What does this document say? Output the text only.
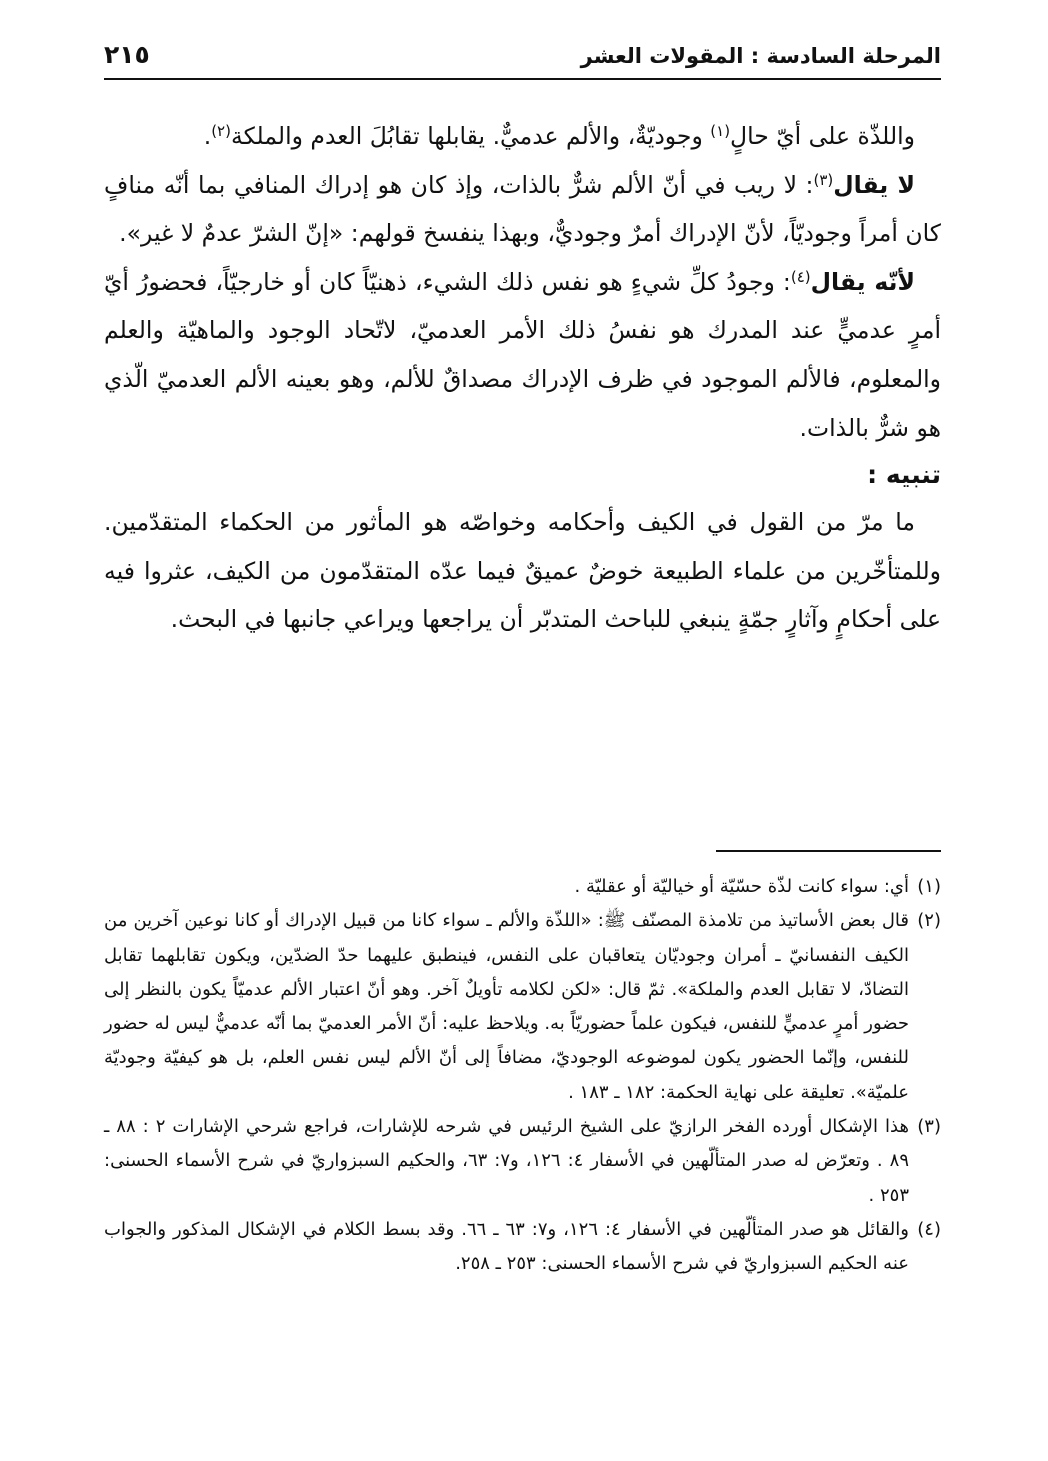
المرحلة السادسة : المقولات العشر
٢١٥

واللذّة على أيّ حالٍ$^{(١)}$ وجوديّةٌ، والألم عدميٌّ. يقابلها تقابُلَ العدم والملكة$^{(٢)}$.

لا يقال$^{(٣)}$: لا ريب في أنّ الألم شرٌّ بالذات، وإذ كان هو إدراك المنافي بما أنّه منافٍ كان أمراً وجوديّاً، لأنّ الإدراك أمرٌ وجوديٌّ، وبهذا ينفسخ قولهم: «إنّ الشرّ عدمٌ لا غير».

لأنّه يقال$^{(٤)}$: وجودُ كلِّ شيءٍ هو نفس ذلك الشيء، ذهنيّاً كان أو خارجيّاً، فحضورُ أيّ أمرٍ عدميٍّ عند المدرك هو نفسُ ذلك الأمر العدميّ، لاتّحاد الوجود والماهيّة والعلم والمعلوم، فالألم الموجود في ظرف الإدراك مصداقٌ للألم، وهو بعينه الألم العدميّ الّذي هو شرٌّ بالذات.

تنبيه :

ما مرّ من القول في الكيف وأحكامه وخواصّه هو المأثور من الحكماء المتقدّمين. وللمتأخّرين من علماء الطبيعة خوضٌ عميقٌ فيما عدّه المتقدّمون من الكيف، عثروا فيه على أحكامٍ وآثارٍ جمّةٍ ينبغي للباحث المتدبّر أن يراجعها ويراعي جانبها في البحث.

(١)
أي: سواء كانت لذّة حسّيّة أو خياليّة أو عقليّة .

(٢)
قال بعض الأساتيذ من تلامذة المصنّف ﷺ: «اللذّة والألم ـ سواء كانا من قبيل الإدراك أو كانا نوعين آخرين من الكيف النفسانيّ ـ أمران وجوديّان يتعاقبان على النفس، فينطبق عليهما حدّ الضدّين، ويكون تقابلهما تقابل التضادّ، لا تقابل العدم والملكة». ثمّ قال: «لكن لكلامه تأويلٌ آخر. وهو أنّ اعتبار الألم عدميّاً يكون بالنظر إلى حضور أمرٍ عدميٍّ للنفس، فيكون علماً حضوريّاً به. ويلاحظ عليه: أنّ الأمر العدميّ بما أنّه عدميٌّ ليس له حضور للنفس، وإنّما الحضور يكون لموضوعه الوجوديّ، مضافاً إلى أنّ الألم ليس نفس العلم، بل هو كيفيّة وجوديّة علميّة». تعليقة على نهاية الحكمة: ١٨٢ ـ ١٨٣ .

(٣)
هذا الإشكال أورده الفخر الرازيّ على الشيخ الرئيس في شرحه للإشارات، فراجع شرحي الإشارات ٢ : ٨٨ ـ ٨٩ . وتعرّض له صدر المتألّهين في الأسفار ٤: ١٢٦، و٧: ٦٣، والحكيم السبزواريّ في شرح الأسماء الحسنى: ٢٥٣ .

(٤)
والقائل هو صدر المتألّهين في الأسفار ٤: ١٢٦، و٧: ٦٣ ـ ٦٦. وقد بسط الكلام في الإشكال المذكور والجواب عنه الحكيم السبزواريّ في شرح الأسماء الحسنى: ٢٥٣ ـ ٢٥٨.
